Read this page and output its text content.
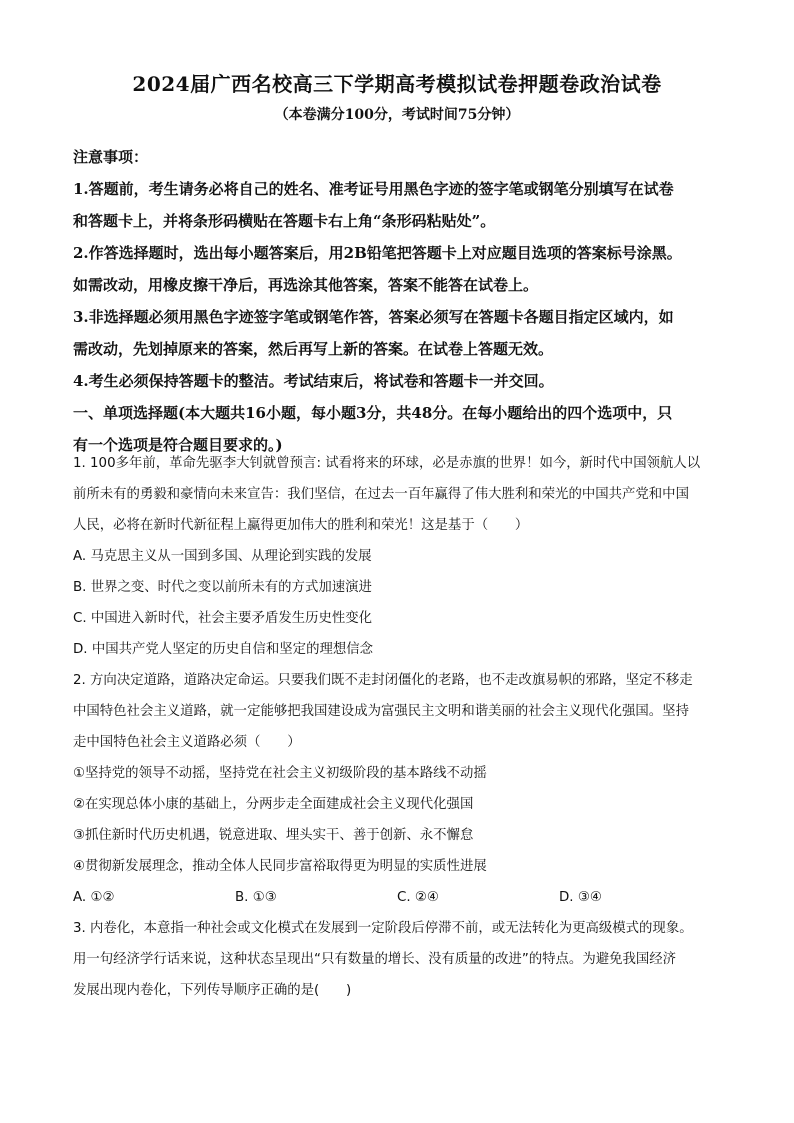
2024届广西名校高三下学期高考模拟试卷押题卷政治试卷
（本卷满分100分，考试时间75分钟）

注意事项：

1.答题前，考生请务必将自己的姓名、准考证号用黑色字迹的签字笔或钢笔分别填写在试卷

和答题卡上，并将条形码横贴在答题卡右上角“条形码粘贴处”。

2.作答选择题时，选出每小题答案后，用2B铅笔把答题卡上对应题目选项的答案标号涂黑。

如需改动，用橡皮擦干净后，再选涂其他答案，答案不能答在试卷上。

3.非选择题必须用黑色字迹签字笔或钢笔作答，答案必须写在答题卡各题目指定区域内，如

需改动，先划掉原来的答案，然后再写上新的答案。在试卷上答题无效。

4.考生必须保持答题卡的整洁。考试结束后，将试卷和答题卡一并交回。

一、单项选择题(本大题共16小题，每小题3分，共48分。在每小题给出的四个选项中，只

有一个选项是符合题目要求的。)

1. 100多年前，革命先驱李大钊就曾预言: 试看将来的环球，必是赤旗的世界！如今，新时代中国领航人以

前所未有的勇毅和豪情向未来宣告：我们坚信，在过去一百年赢得了伟大胜利和荣光的中国共产党和中国

人民，必将在新时代新征程上赢得更加伟大的胜利和荣光！这是基于（　　）

A. 马克思主义从一国到多国、从理论到实践的发展

B. 世界之变、时代之变以前所未有的方式加速演进

C. 中国进入新时代，社会主要矛盾发生历史性变化

D. 中国共产党人坚定的历史自信和坚定的理想信念

2. 方向决定道路，道路决定命运。只要我们既不走封闭僵化的老路，也不走改旗易帜的邪路，坚定不移走

中国特色社会主义道路，就一定能够把我国建设成为富强民主文明和谐美丽的社会主义现代化强国。坚持

走中国特色社会主义道路必须（　　）

①坚持党的领导不动摇，坚持党在社会主义初级阶段的基本路线不动摇

②在实现总体小康的基础上，分两步走全面建成社会主义现代化强国

③抓住新时代历史机遇，锐意进取、埋头实干、善于创新、永不懈怠

④贯彻新发展理念，推动全体人民同步富裕取得更为明显的实质性进展

A. ①②	B. ①③	C. ②④	D. ③④

3. 内卷化，本意指一种社会或文化模式在发展到一定阶段后停滞不前，或无法转化为更高级模式的现象。

用一句经济学行话来说，这种状态呈现出“只有数量的增长、没有质量的改进”的特点。为避免我国经济

发展出现内卷化，下列传导顺序正确的是(　　)
